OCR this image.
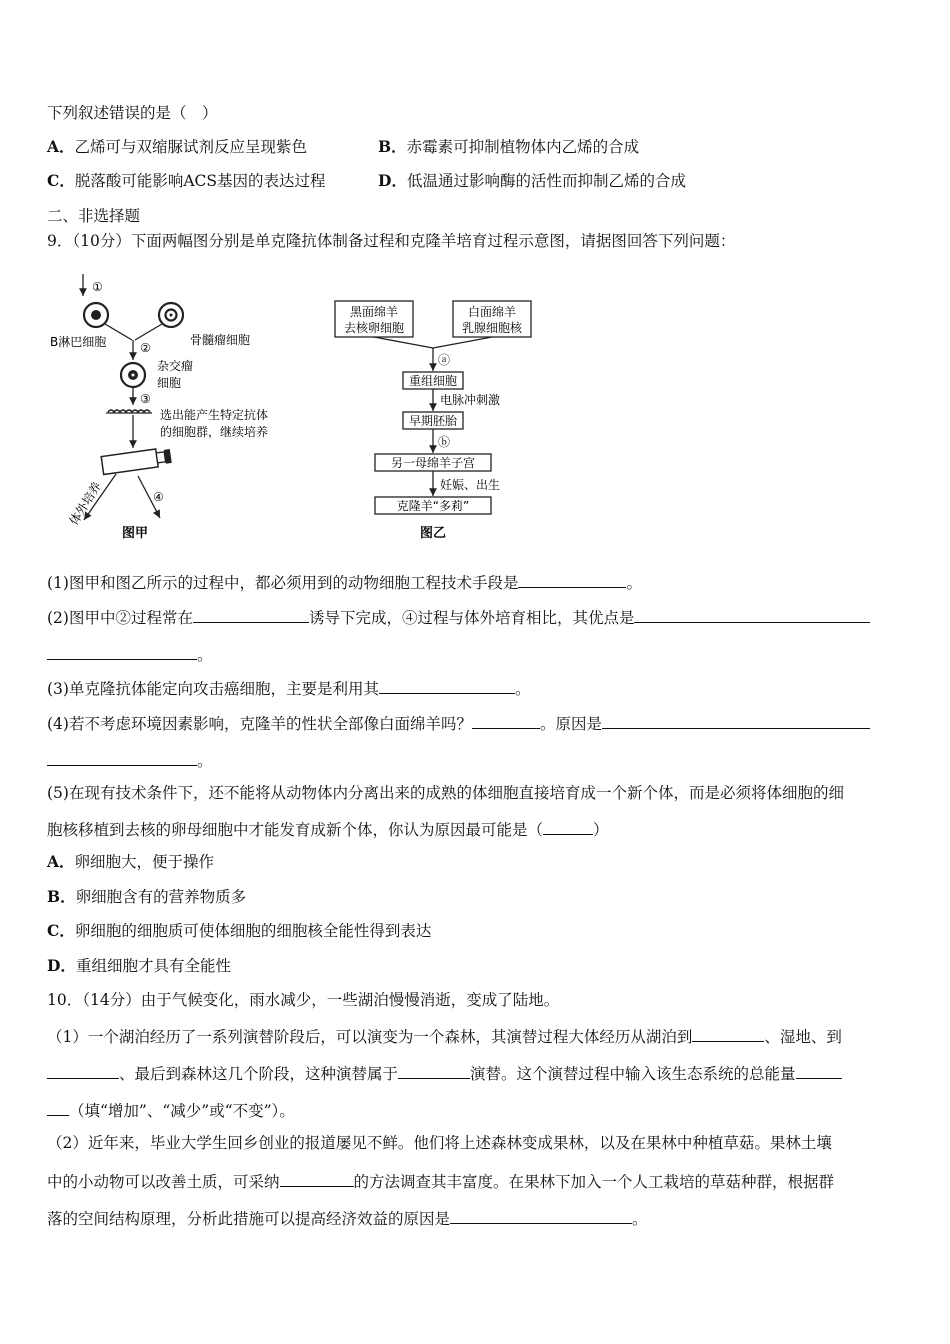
下列叙述错误的是（　）
A．乙烯可与双缩脲试剂反应呈现紫色	B．赤霉素可抑制植物体内乙烯的合成
C．脱落酸可能影响ACS基因的表达过程	D．低温通过影响酶的活性而抑制乙烯的合成
二、非选择题
9．（10分）下面两幅图分别是单克隆抗体制备过程和克隆羊培育过程示意图，请据图回答下列问题：
①
骨髓瘤细胞
B淋巴细胞	②
杂交瘤
细胞
③
选出能产生特定抗体
的细胞群，继续培养
体外培养	④
图甲
黑面绵羊
去核卵细胞
白面绵羊
乳腺细胞核
ⓐ
重组细胞
电脉冲刺激
早期胚胎
ⓑ
另一母绵羊子宫
妊娠、出生
克隆羊“多莉”
图乙
(1)图甲和图乙所示的过程中，都必须用到的动物细胞工程技术手段是	。
(2)图甲中②过程常在	诱导下完成，④过程与体外培育相比，其优点是
。
(3)单克隆抗体能定向攻击癌细胞，主要是利用其	。
(4)若不考虑环境因素影响，克隆羊的性状全部像白面绵羊吗？	。原因是
。
(5)在现有技术条件下，还不能将从动物体内分离出来的成熟的体细胞直接培育成一个新个体，而是必须将体细胞的细
胞核移植到去核的卵母细胞中才能发育成新个体，你认为原因最可能是（	）
A．卵细胞大，便于操作
B．卵细胞含有的营养物质多
C．卵细胞的细胞质可使体细胞的细胞核全能性得到表达
D．重组细胞才具有全能性
10．（14分）由于气候变化，雨水减少，一些湖泊慢慢消逝，变成了陆地。
（1）一个湖泊经历了一系列演替阶段后，可以演变为一个森林，其演替过程大体经历从湖泊到	、湿地、到
、最后到森林这几个阶段，这种演替属于	演替。这个演替过程中输入该生态系统的总能量
（填“增加”、“减少”或“不变”）。
（2）近年来，毕业大学生回乡创业的报道屡见不鲜。他们将上述森林变成果林，以及在果林中种植草菇。果林土壤
中的小动物可以改善土质，可采纳	的方法调查其丰富度。在果林下加入一个人工栽培的草菇种群，根据群
落的空间结构原理，分析此措施可以提高经济效益的原因是	。
